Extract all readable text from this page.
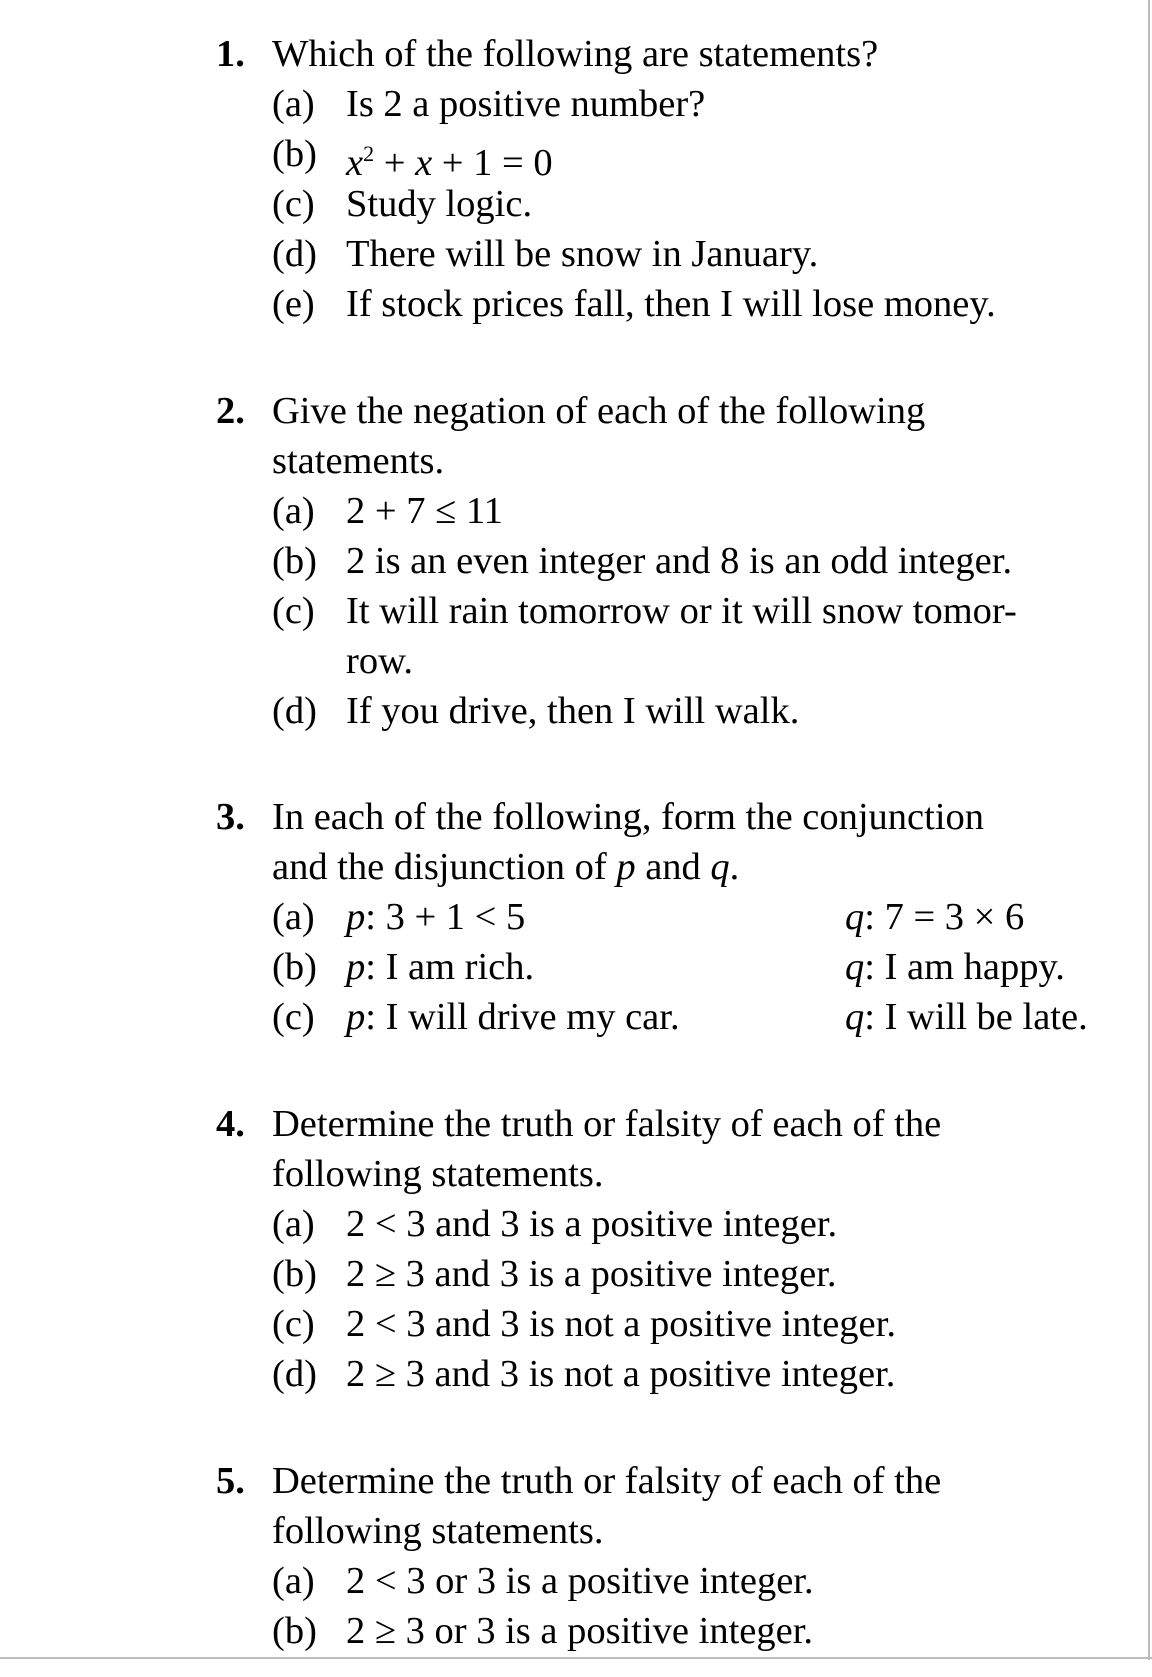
1. Which of the following are statements?
(a) Is 2 a positive number?
(b) $x^2 + x + 1 = 0$
(c) Study logic.
(d) There will be snow in January.
(e) If stock prices fall, then I will lose money.
2. Give the negation of each of the following
statements.
(a) 2 + 7 ≤ 11
(b) 2 is an even integer and 8 is an odd integer.
(c) It will rain tomorrow or it will snow tomor-
row.
(d) If you drive, then I will walk.
3. In each of the following, form the conjunction
and the disjunction of p and q.
(a) p: 3 + 1 < 5	q: 7 = 3 × 6
(b) p: I am rich.	q: I am happy.
(c) p: I will drive my car.	q: I will be late.
4. Determine the truth or falsity of each of the
following statements.
(a) 2 < 3 and 3 is a positive integer.
(b) 2 ≥ 3 and 3 is a positive integer.
(c) 2 < 3 and 3 is not a positive integer.
(d) 2 ≥ 3 and 3 is not a positive integer.
5. Determine the truth or falsity of each of the
following statements.
(a) 2 < 3 or 3 is a positive integer.
(b) 2 ≥ 3 or 3 is a positive integer.
